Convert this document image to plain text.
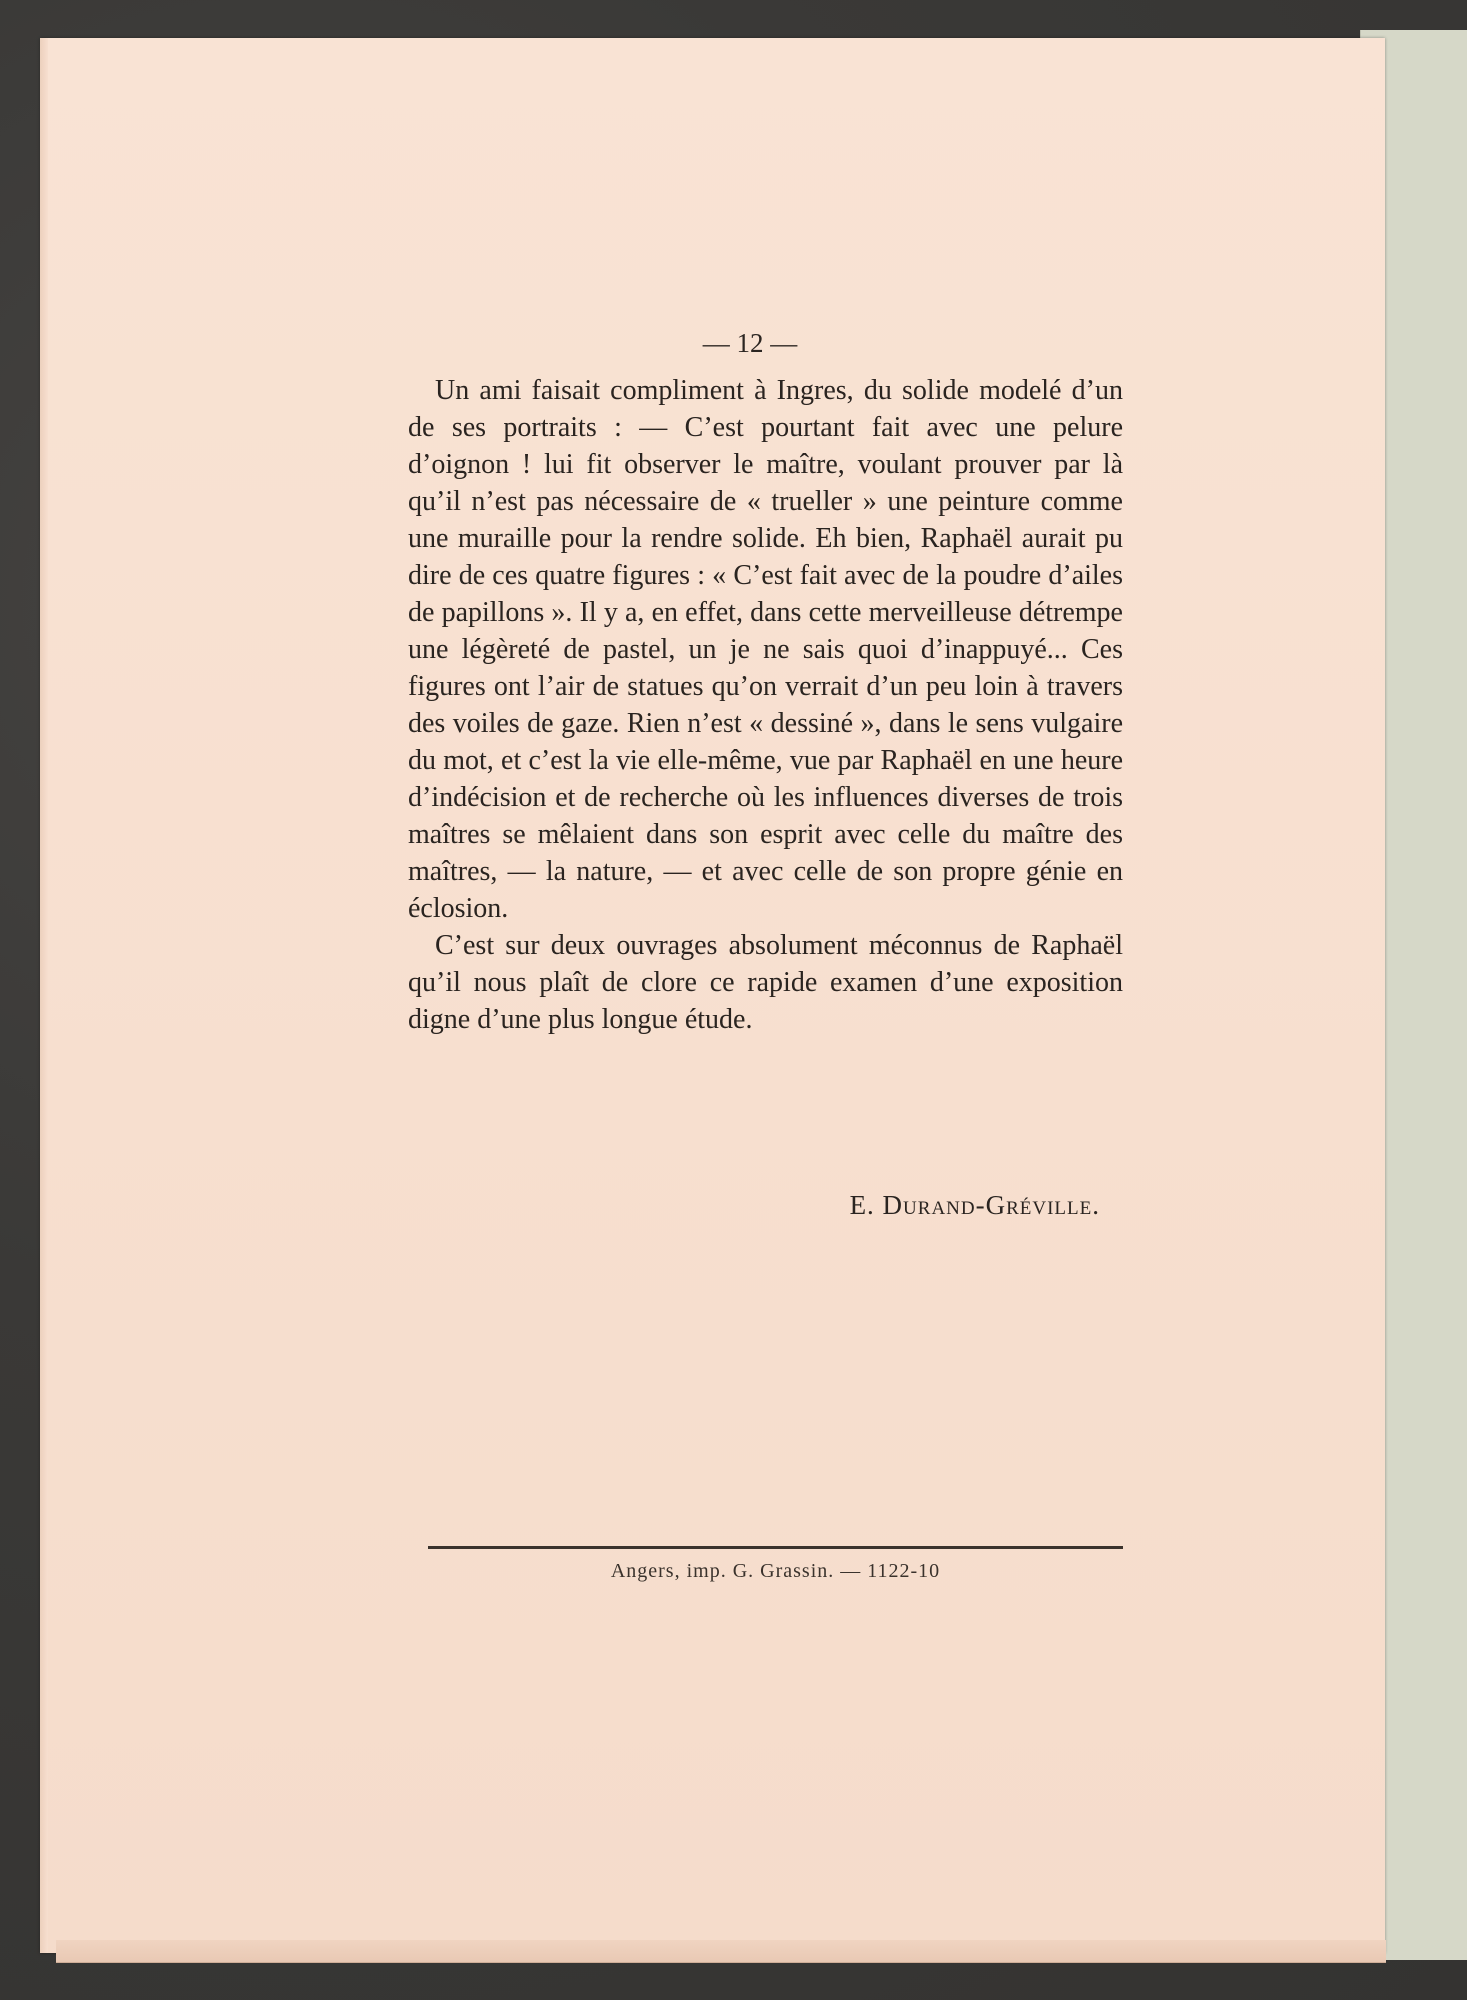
— 12 —

Un ami faisait compliment à Ingres, du solide modelé d’un de ses portraits : — C’est pourtant fait avec une pelure d’oignon ! lui fit observer le maître, voulant prouver par là qu’il n’est pas nécessaire de « trueller » une peinture comme une muraille pour la rendre solide. Eh bien, Raphaël aurait pu dire de ces quatre figures : « C’est fait avec de la poudre d’ailes de papillons ». Il y a, en effet, dans cette merveilleuse détrempe une légèreté de pastel, un je ne sais quoi d’inappuyé... Ces figures ont l’air de statues qu’on verrait d’un peu loin à travers des voiles de gaze. Rien n’est « dessiné », dans le sens vulgaire du mot, et c’est la vie elle-même, vue par Raphaël en une heure d’indécision et de recherche où les influences diverses de trois maîtres se mêlaient dans son esprit avec celle du maître des maîtres, — la nature, — et avec celle de son propre génie en éclosion.

C’est sur deux ouvrages absolument méconnus de Raphaël qu’il nous plaît de clore ce rapide examen d’une exposition digne d’une plus longue étude.

E. Durand-Gréville.
Angers, imp. G. Grassin. — 1122-10
